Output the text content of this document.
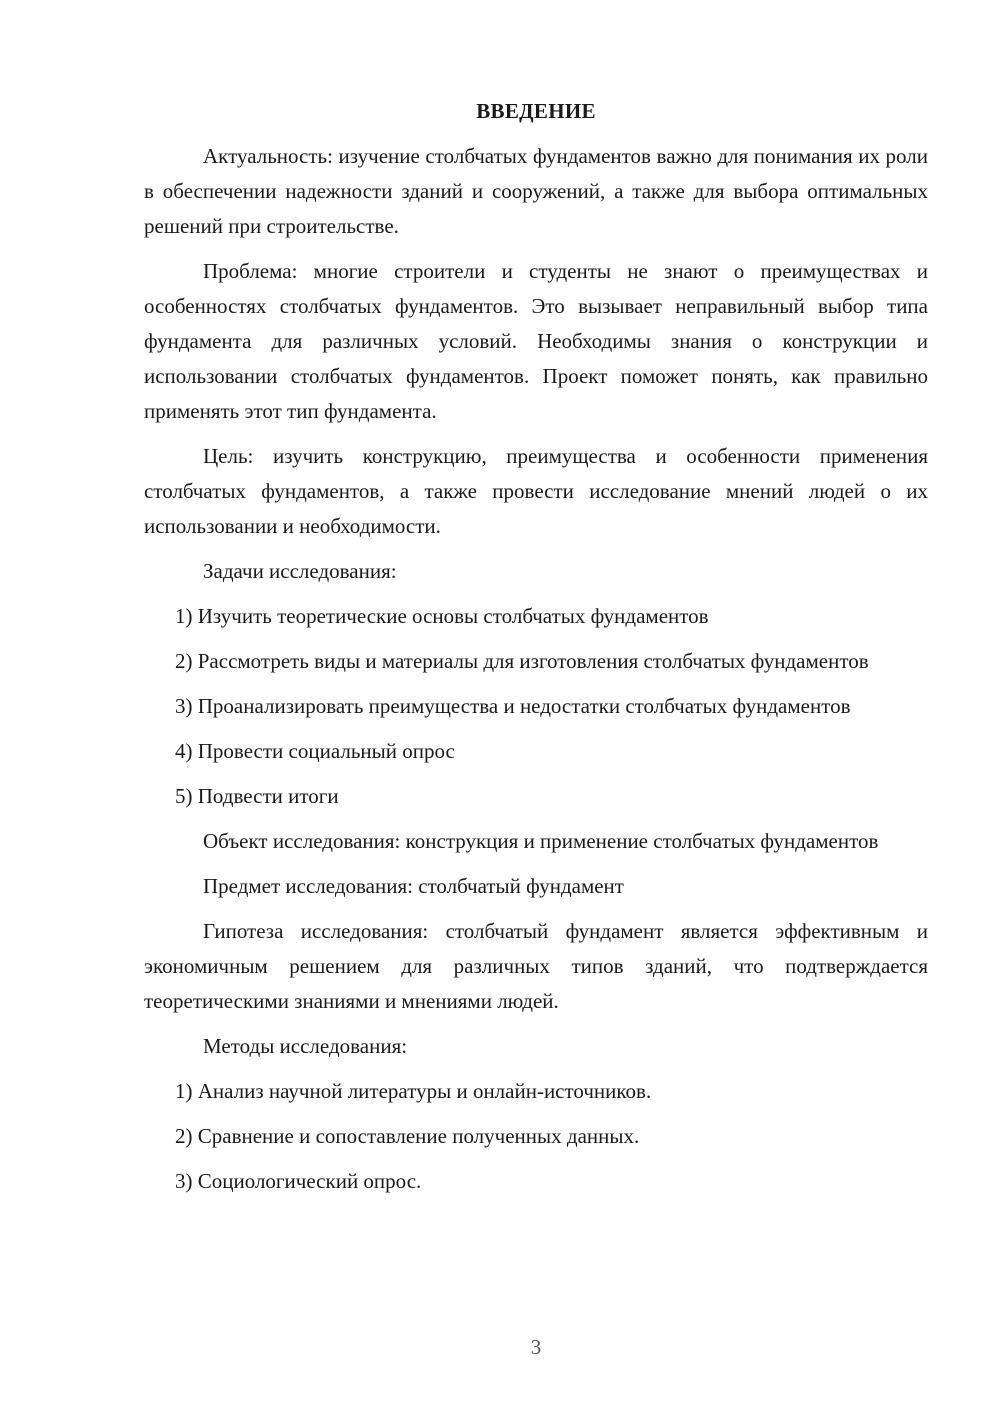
ВВЕДЕНИЕ

Актуальность: изучение столбчатых фундаментов важно для понимания их роли в обеспечении надежности зданий и сооружений, а также для выбора оптимальных решений при строительстве.

Проблема: многие строители и студенты не знают о преимуществах и особенностях столбчатых фундаментов. Это вызывает неправильный выбор типа фундамента для различных условий. Необходимы знания о конструкции и использовании столбчатых фундаментов. Проект поможет понять, как правильно применять этот тип фундамента.

Цель: изучить конструкцию, преимущества и особенности применения столбчатых фундаментов, а также провести исследование мнений людей о их использовании и необходимости.

Задачи исследования:

1) Изучить теоретические основы столбчатых фундаментов

2) Рассмотреть виды и материалы для изготовления столбчатых фундаментов

3) Проанализировать преимущества и недостатки столбчатых фундаментов

4) Провести социальный опрос

5) Подвести итоги

Объект исследования: конструкция и применение столбчатых фундаментов

Предмет исследования: столбчатый фундамент

Гипотеза исследования: столбчатый фундамент является эффективным и экономичным решением для различных типов зданий, что подтверждается теоретическими знаниями и мнениями людей.

Методы исследования:

1) Анализ научной литературы и онлайн-источников.

2) Сравнение и сопоставление полученных данных.

3) Социологический опрос.

3
